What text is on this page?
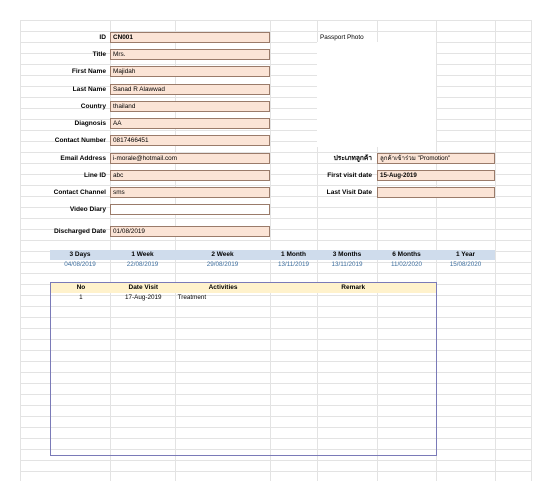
ID	CN001
Title	Mrs.
First Name	Majidah
Last Name	Sanad R Alawwad
Country	thailand
Diagnosis	AA
Contact Number	0817466451
Email Address	i-morale@hotmail.com
Line ID	abc
Contact Channel	sms
Video Diary
Discharged Date	01/08/2019
Passport Photo
ประเภทลูกค้า	ลูกค้าเข้าร่วม "Promotion"
First visit date	15-Aug-2019
Last Visit Date
3 Days	1 Week	2 Week	1 Month	3 Months	6 Months	1 Year
04/08/2019	22/08/2019	29/08/2019	13/11/2019	13/11/2019	11/02/2020	15/08/2020
No	Date Visit	Activities	Remark
1	17-Aug-2019	Treatment
